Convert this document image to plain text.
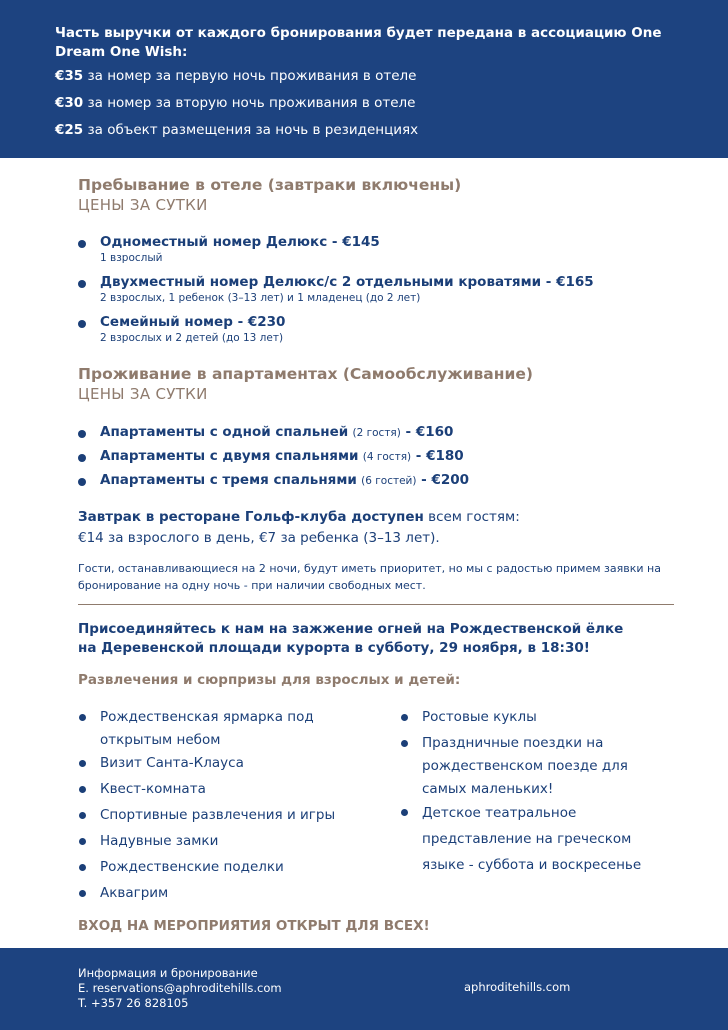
Часть выручки от каждого бронирования будет передана в ассоциацию One Dream One Wish:
€35 за номер за первую ночь проживания в отеле
€30 за номер за вторую ночь проживания в отеле
€25 за объект размещения за ночь в резиденциях
Пребывание в отеле (завтраки включены)
ЦЕНЫ ЗА СУТКИ
Одноместный номер Делюкс - €145
1 взрослый
Двухместный номер Делюкс/с 2 отдельными кроватями - €165
2 взрослых, 1 ребенок (3–13 лет) и 1 младенец (до 2 лет)
Семейный номер - €230
2 взрослых и 2 детей (до 13 лет)
Проживание в апартаментах (Самообслуживание)
ЦЕНЫ ЗА СУТКИ
Апартаменты с одной спальней (2 гостя) - €160
Апартаменты с двумя спальнями (4 гостя) - €180
Апартаменты с тремя спальнями (6 гостей) - €200
Завтрак в ресторане Гольф-клуба доступен всем гостям:
€14 за взрослого в день, €7 за ребенка (3–13 лет).
Гости, останавливающиеся на 2 ночи, будут иметь приоритет, но мы с радостью примем заявки на бронирование на одну ночь - при наличии свободных мест.
Присоединяйтесь к нам на зажжение огней на Рождественской ёлке
на Деревенской площади курорта в субботу, 29 ноября, в 18:30!
Развлечения и сюрпризы для взрослых и детей:
Рождественская ярмарка под открытым небом
Визит Санта-Клауса
Квест-комната
Спортивные развлечения и игры
Надувные замки
Рождественские поделки
Аквагрим
Ростовые куклы
Праздничные поездки на рождественском поезде для самых маленьких!
Детское театральное представление на греческом языке - суббота и воскресенье
ВХОД НА МЕРОПРИЯТИЯ ОТКРЫТ ДЛЯ ВСЕХ!
Информация и бронирование
E. reservations@aphroditehills.com
T. +357 26 828105
aphroditehills.com
